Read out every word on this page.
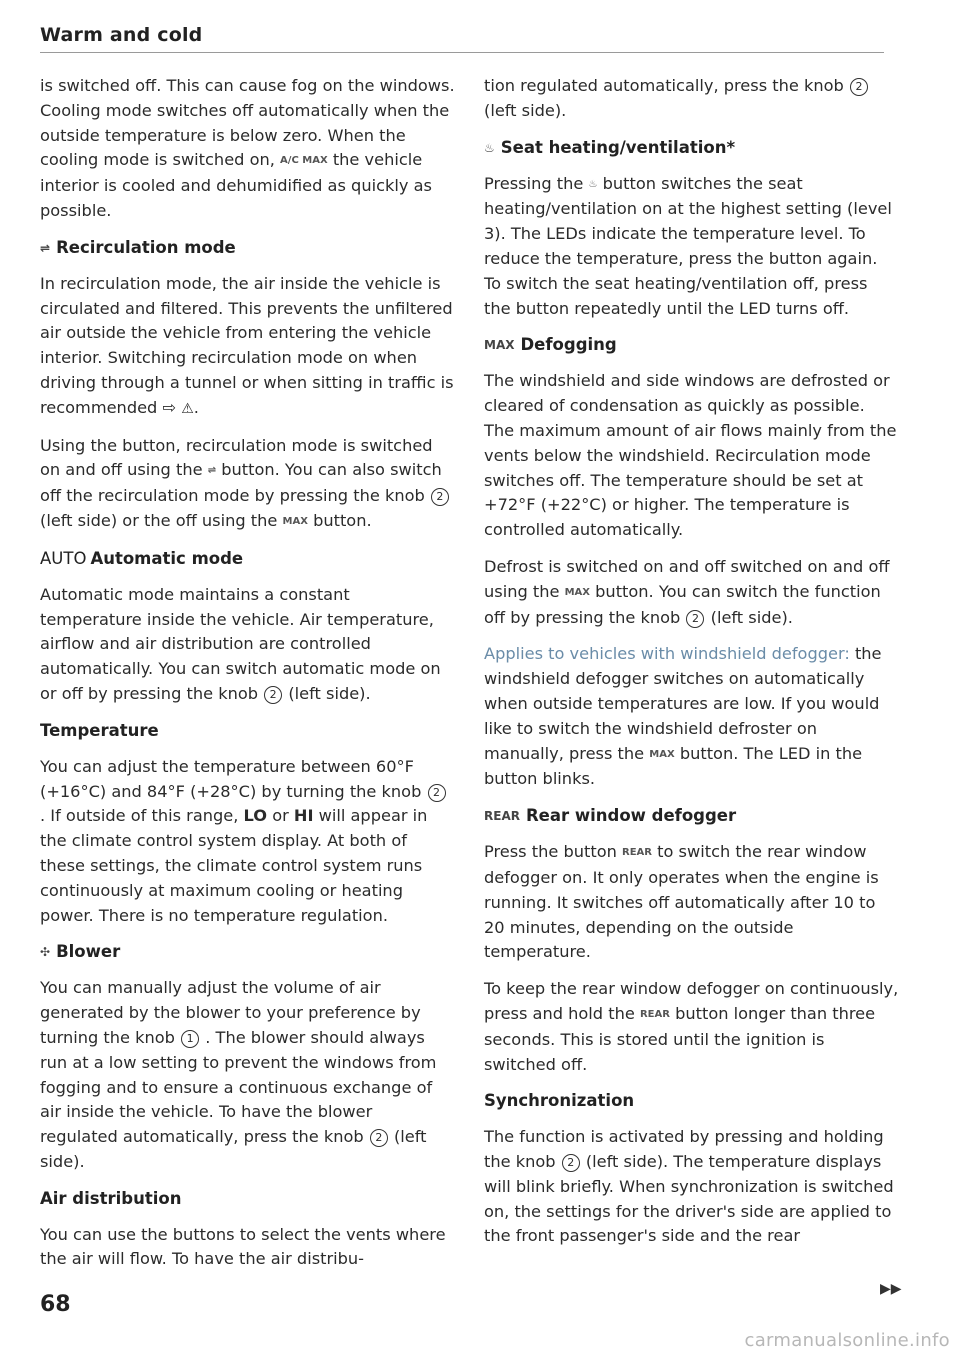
Warm and cold

is switched off. This can cause fog on the windows. Cooling mode switches off automatically when the outside temperature is below zero. When the cooling mode is switched on, A/C MAX the vehicle interior is cooled and dehumidified as quickly as possible.

⇌ Recirculation mode

In recirculation mode, the air inside the vehicle is circulated and filtered. This prevents the unfiltered air outside the vehicle from entering the vehicle interior. Switching recirculation mode on when driving through a tunnel or when sitting in traffic is recommended ⇨ ⚠.

Using the button, recirculation mode is switched on and off using the ⇌ button. You can also switch off the recirculation mode by pressing the knob 2 (left side) or the off using the MAX button.

AUTO Automatic mode

Automatic mode maintains a constant temperature inside the vehicle. Air temperature, airflow and air distribution are controlled automatically. You can switch automatic mode on or off by pressing the knob 2 (left side).

Temperature

You can adjust the temperature between 60°F (+16°C) and 84°F (+28°C) by turning the knob 2 . If outside of this range, LO or HI will appear in the climate control system display. At both of these settings, the climate control system runs continuously at maximum cooling or heating power. There is no temperature regulation.

✣ Blower

You can manually adjust the volume of air generated by the blower to your preference by turning the knob 1 . The blower should always run at a low setting to prevent the windows from fogging and to ensure a continuous exchange of air inside the vehicle. To have the blower regulated automatically, press the knob 2 (left side).

Air distribution

You can use the buttons to select the vents where the air will flow. To have the air distribu-

tion regulated automatically, press the knob 2 (left side).

♨ Seat heating/ventilation*

Pressing the ♨ button switches the seat heating/ventilation on at the highest setting (level 3). The LEDs indicate the temperature level. To reduce the temperature, press the button again. To switch the seat heating/ventilation off, press the button repeatedly until the LED turns off.

MAX Defogging

The windshield and side windows are defrosted or cleared of condensation as quickly as possible. The maximum amount of air flows mainly from the vents below the windshield. Recirculation mode switches off. The temperature should be set at +72°F (+22°C) or higher. The temperature is controlled automatically.

Defrost is switched on and off switched on and off using the MAX button. You can switch the function off by pressing the knob 2 (left side).

Applies to vehicles with windshield defogger: the windshield defogger switches on automatically when outside temperatures are low. If you would like to switch the windshield defroster on manually, press the MAX button. The LED in the button blinks.

REAR Rear window defogger

Press the button REAR to switch the rear window defogger on. It only operates when the engine is running. It switches off automatically after 10 to 20 minutes, depending on the outside temperature.

To keep the rear window defogger on continuously, press and hold the REAR button longer than three seconds. This is stored until the ignition is switched off.

Synchronization

The function is activated by pressing and holding the knob 2 (left side). The temperature displays will blink briefly. When synchronization is switched on, the settings for the driver's side are applied to the front passenger's side and the rear

▶▶
68
carmanualsonline.info
